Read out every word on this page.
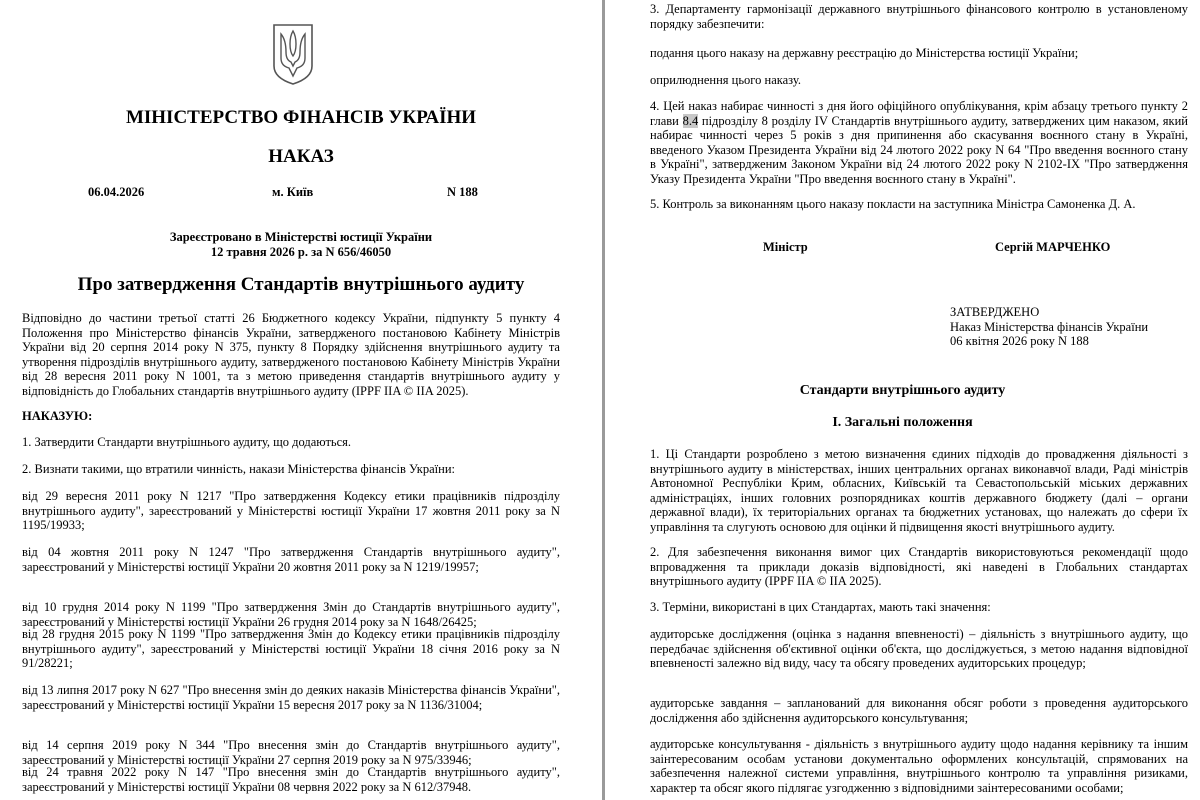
МІНІСТЕРСТВО ФІНАНСІВ УКРАЇНИ
НАКАЗ
06.04.2026	м. Київ	N 188
Зареєстровано в Міністерстві юстиції України
12 травня 2026 р. за N 656/46050
Про затвердження Стандартів внутрішнього аудиту

Відповідно до частини третьої статті 26 Бюджетного кодексу України, підпункту 5 пункту 4 Положення про Міністерство фінансів України, затвердженого постановою Кабінету Міністрів України від 20 серпня 2014 року N 375, пункту 8 Порядку здійснення внутрішнього аудиту та утворення підрозділів внутрішнього аудиту, затвердженого постановою Кабінету Міністрів України від 28 вересня 2011 року N 1001, та з метою приведення стандартів внутрішнього аудиту у відповідність до Глобальних стандартів внутрішнього аудиту (IPPF IIA © IIA 2025).

НАКАЗУЮ:

1. Затвердити Стандарти внутрішнього аудиту, що додаються.

2. Визнати такими, що втратили чинність, накази Міністерства фінансів України:

від 29 вересня 2011 року N 1217 "Про затвердження Кодексу етики працівників підрозділу внутрішнього аудиту", зареєстрований у Міністерстві юстиції України 17 жовтня 2011 року за N 1195/19933;

від 04 жовтня 2011 року N 1247 "Про затвердження Стандартів внутрішнього аудиту", зареєстрований у Міністерстві юстиції України 20 жовтня 2011 року за N 1219/19957;

від 10 грудня 2014 року N 1199 "Про затвердження Змін до Стандартів внутрішнього аудиту", зареєстрований у Міністерстві юстиції України 26 грудня 2014 року за N 1648/26425;

від 28 грудня 2015 року N 1199 "Про затвердження Змін до Кодексу етики працівників підрозділу внутрішнього аудиту", зареєстрований у Міністерстві юстиції України 18 січня 2016 року за N 91/28221;

від 13 липня 2017 року N 627 "Про внесення змін до деяких наказів Міністерства фінансів України", зареєстрований у Міністерстві юстиції України 15 вересня 2017 року за N 1136/31004;

від 14 серпня 2019 року N 344 "Про внесення змін до Стандартів внутрішнього аудиту", зареєстрований у Міністерстві юстиції України 27 серпня 2019 року за N 975/33946;

від 24 травня 2022 року N 147 "Про внесення змін до Стандартів внутрішнього аудиту", зареєстрований у Міністерстві юстиції України 08 червня 2022 року за N 612/37948.

3. Департаменту гармонізації державного внутрішнього фінансового контролю в установленому порядку забезпечити:

подання цього наказу на державну реєстрацію до Міністерства юстиції України;

оприлюднення цього наказу.

4. Цей наказ набирає чинності з дня його офіційного опублікування, крім абзацу третього пункту 2 глави 8.4 підрозділу 8 розділу IV Стандартів внутрішнього аудиту, затверджених цим наказом, який набирає чинності через 5 років з дня припинення або скасування воєнного стану в Україні, введеного Указом Президента України від 24 лютого 2022 року N 64 "Про введення воєнного стану в Україні", затвердженим Законом України від 24 лютого 2022 року N 2102-IX "Про затвердження Указу Президента України "Про введення воєнного стану в Україні".

5. Контроль за виконанням цього наказу покласти на заступника Міністра Самоненка Д. А.

Міністр	Сергій МАРЧЕНКО
ЗАТВЕРДЖЕНО
Наказ Міністерства фінансів України
06 квітня 2026 року N 188
Стандарти внутрішнього аудиту
I. Загальні положення

1. Ці Стандарти розроблено з метою визначення єдиних підходів до провадження діяльності з внутрішнього аудиту в міністерствах, інших центральних органах виконавчої влади, Раді міністрів Автономної Республіки Крим, обласних, Київській та Севастопольській міських державних адміністраціях, інших головних розпорядниках коштів державного бюджету (далі – органи державної влади), їх територіальних органах та бюджетних установах, що належать до сфери їх управління та слугують основою для оцінки й підвищення якості внутрішнього аудиту.

2. Для забезпечення виконання вимог цих Стандартів використовуються рекомендації щодо впровадження та приклади доказів відповідності, які наведені в Глобальних стандартах внутрішнього аудиту (IPPF IIA © IIA 2025).

3. Терміни, використані в цих Стандартах, мають такі значення:

аудиторське дослідження (оцінка з надання впевненості) – діяльність з внутрішнього аудиту, що передбачає здійснення об'єктивної оцінки об'єкта, що досліджується, з метою надання відповідної впевненості залежно від виду, часу та обсягу проведених аудиторських процедур;

аудиторське завдання – запланований для виконання обсяг роботи з проведення аудиторського дослідження або здійснення аудиторського консультування;

аудиторське консультування - діяльність з внутрішнього аудиту щодо надання керівнику та іншим заінтересованим особам установи документально оформлених консультацій, спрямованих на забезпечення належної системи управління, внутрішнього контролю та управління ризиками, характер та обсяг якого підлягає узгодженню з відповідними заінтересованими особами;
